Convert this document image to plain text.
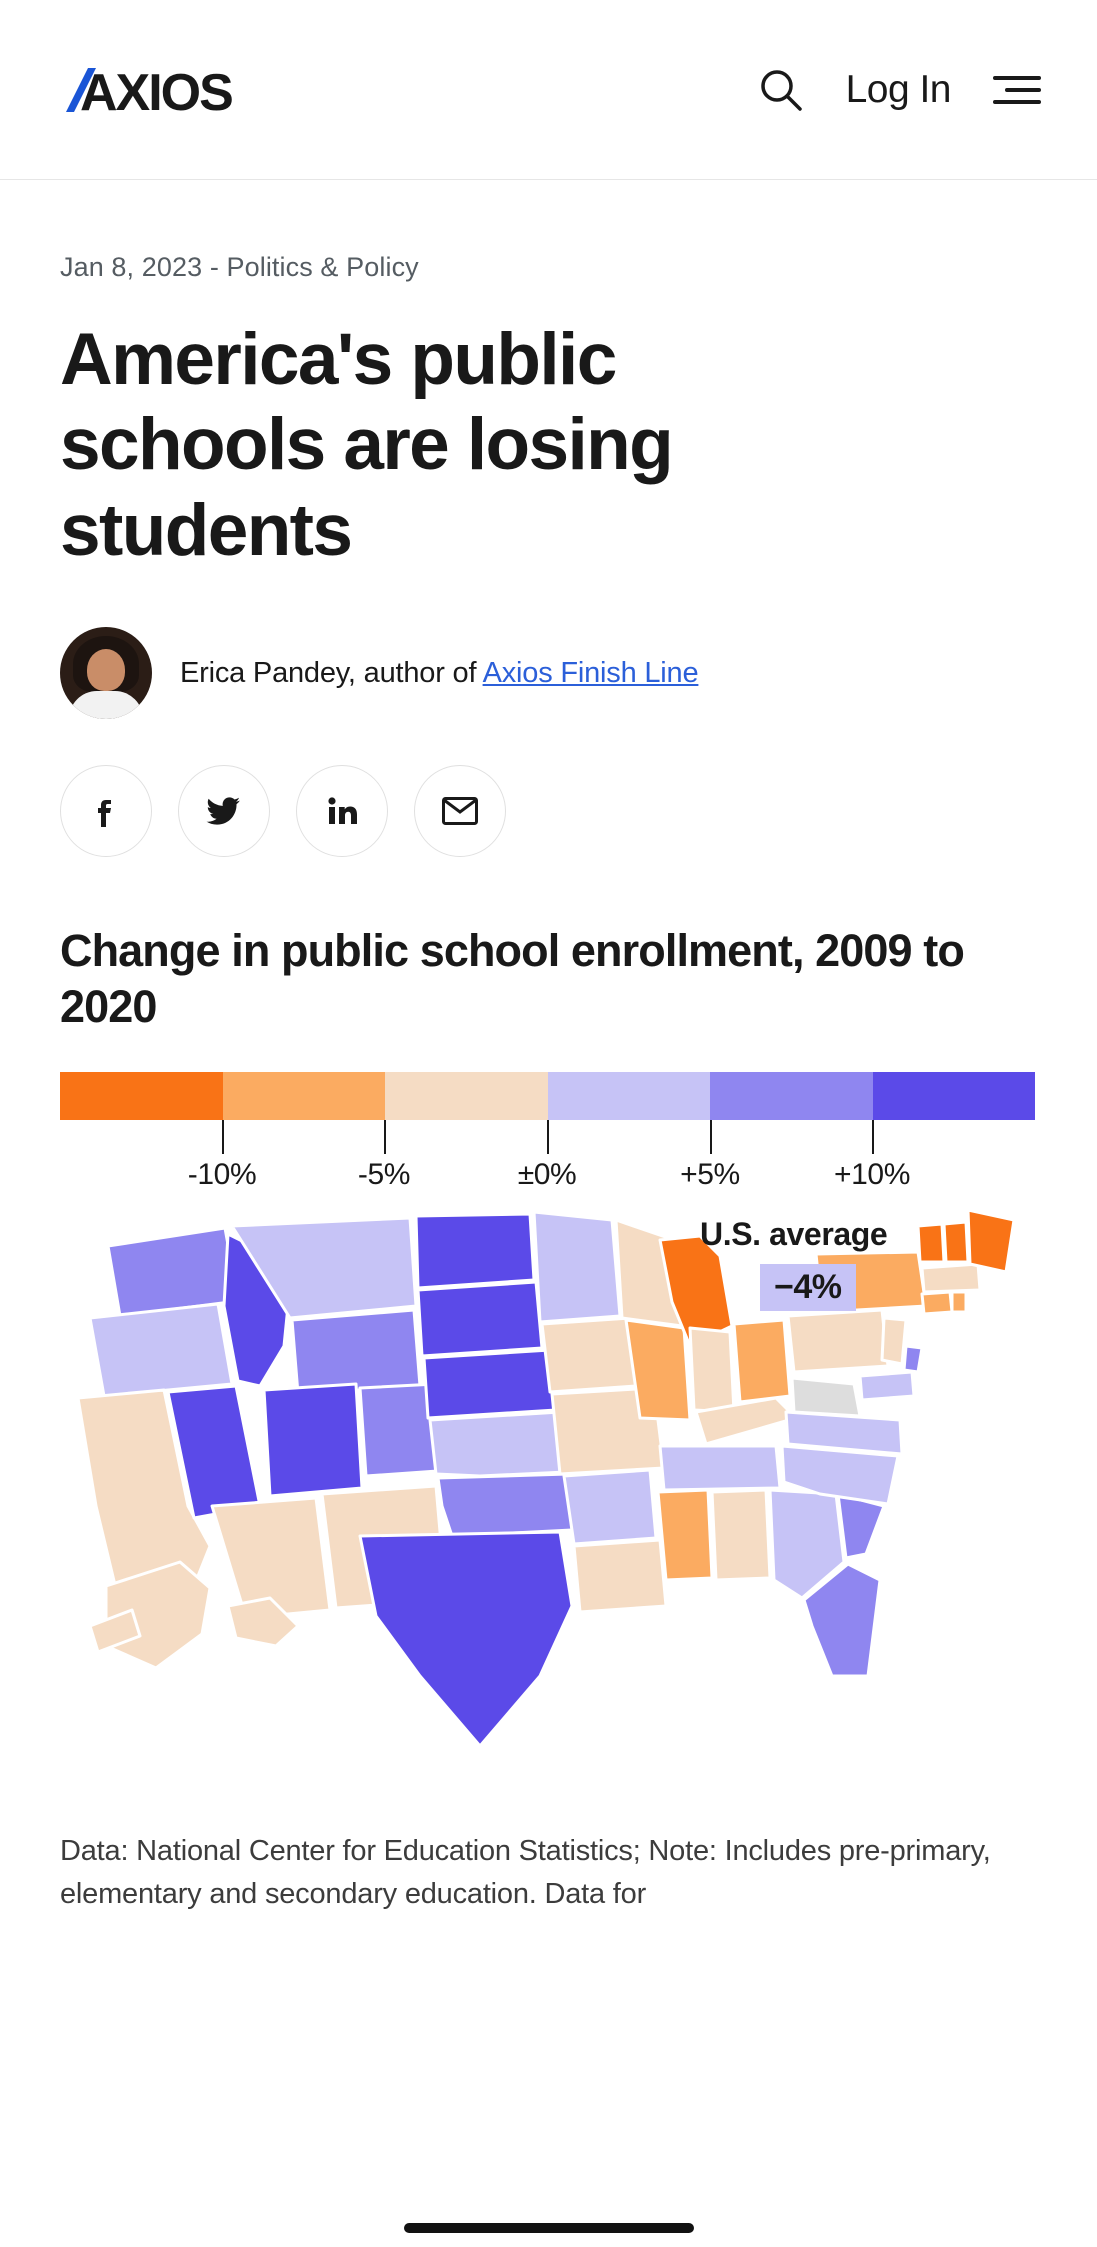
AXIOS	Log In
Jan 8, 2023 - Politics & Policy
America's public schools are losing students
Erica Pandey, author of Axios Finish Line
Change in public school enrollment, 2009 to 2020
-10%	-5%	±0%	+5%	+10%
U.S. average
−4%
Data: National Center for Education Statistics; Note: Includes pre-primary, elementary and secondary education. Data for
